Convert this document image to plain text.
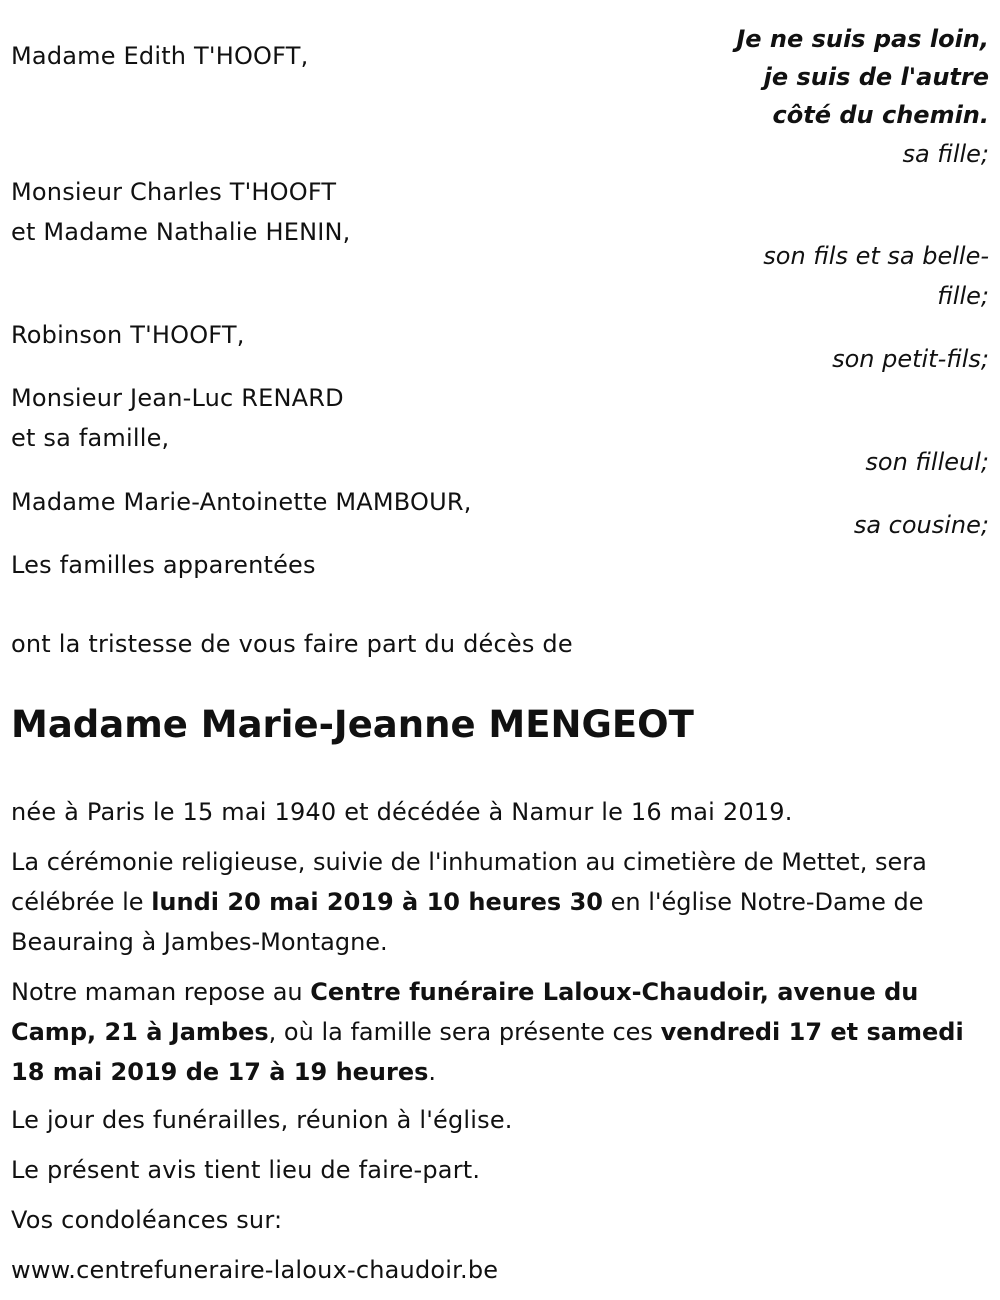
Je ne suis pas loin,
je suis de l'autre
côté du chemin.
Madame Edith T'HOOFT,
sa fille;
Monsieur Charles T'HOOFT
et Madame Nathalie HENIN,
son fils et sa belle-
fille;
Robinson T'HOOFT,
son petit-fils;
Monsieur Jean-Luc RENARD
et sa famille,
son filleul;
Madame Marie-Antoinette MAMBOUR,
sa cousine;
Les familles apparentées
ont la tristesse de vous faire part du décès de
Madame Marie-Jeanne MENGEOT
née à Paris le 15 mai 1940 et décédée à Namur le 16 mai 2019.
La cérémonie religieuse, suivie de l'inhumation au cimetière de Mettet, sera célébrée le lundi 20 mai 2019 à 10 heures 30 en l'église Notre-Dame de Beauraing à Jambes-Montagne.
Notre maman repose au Centre funéraire Laloux-Chaudoir, avenue du Camp, 21 à Jambes, où la famille sera présente ces vendredi 17 et samedi 18 mai 2019 de 17 à 19 heures.
Le jour des funérailles, réunion à l'église.
Le présent avis tient lieu de faire-part.
Vos condoléances sur:
www.centrefuneraire-laloux-chaudoir.be
